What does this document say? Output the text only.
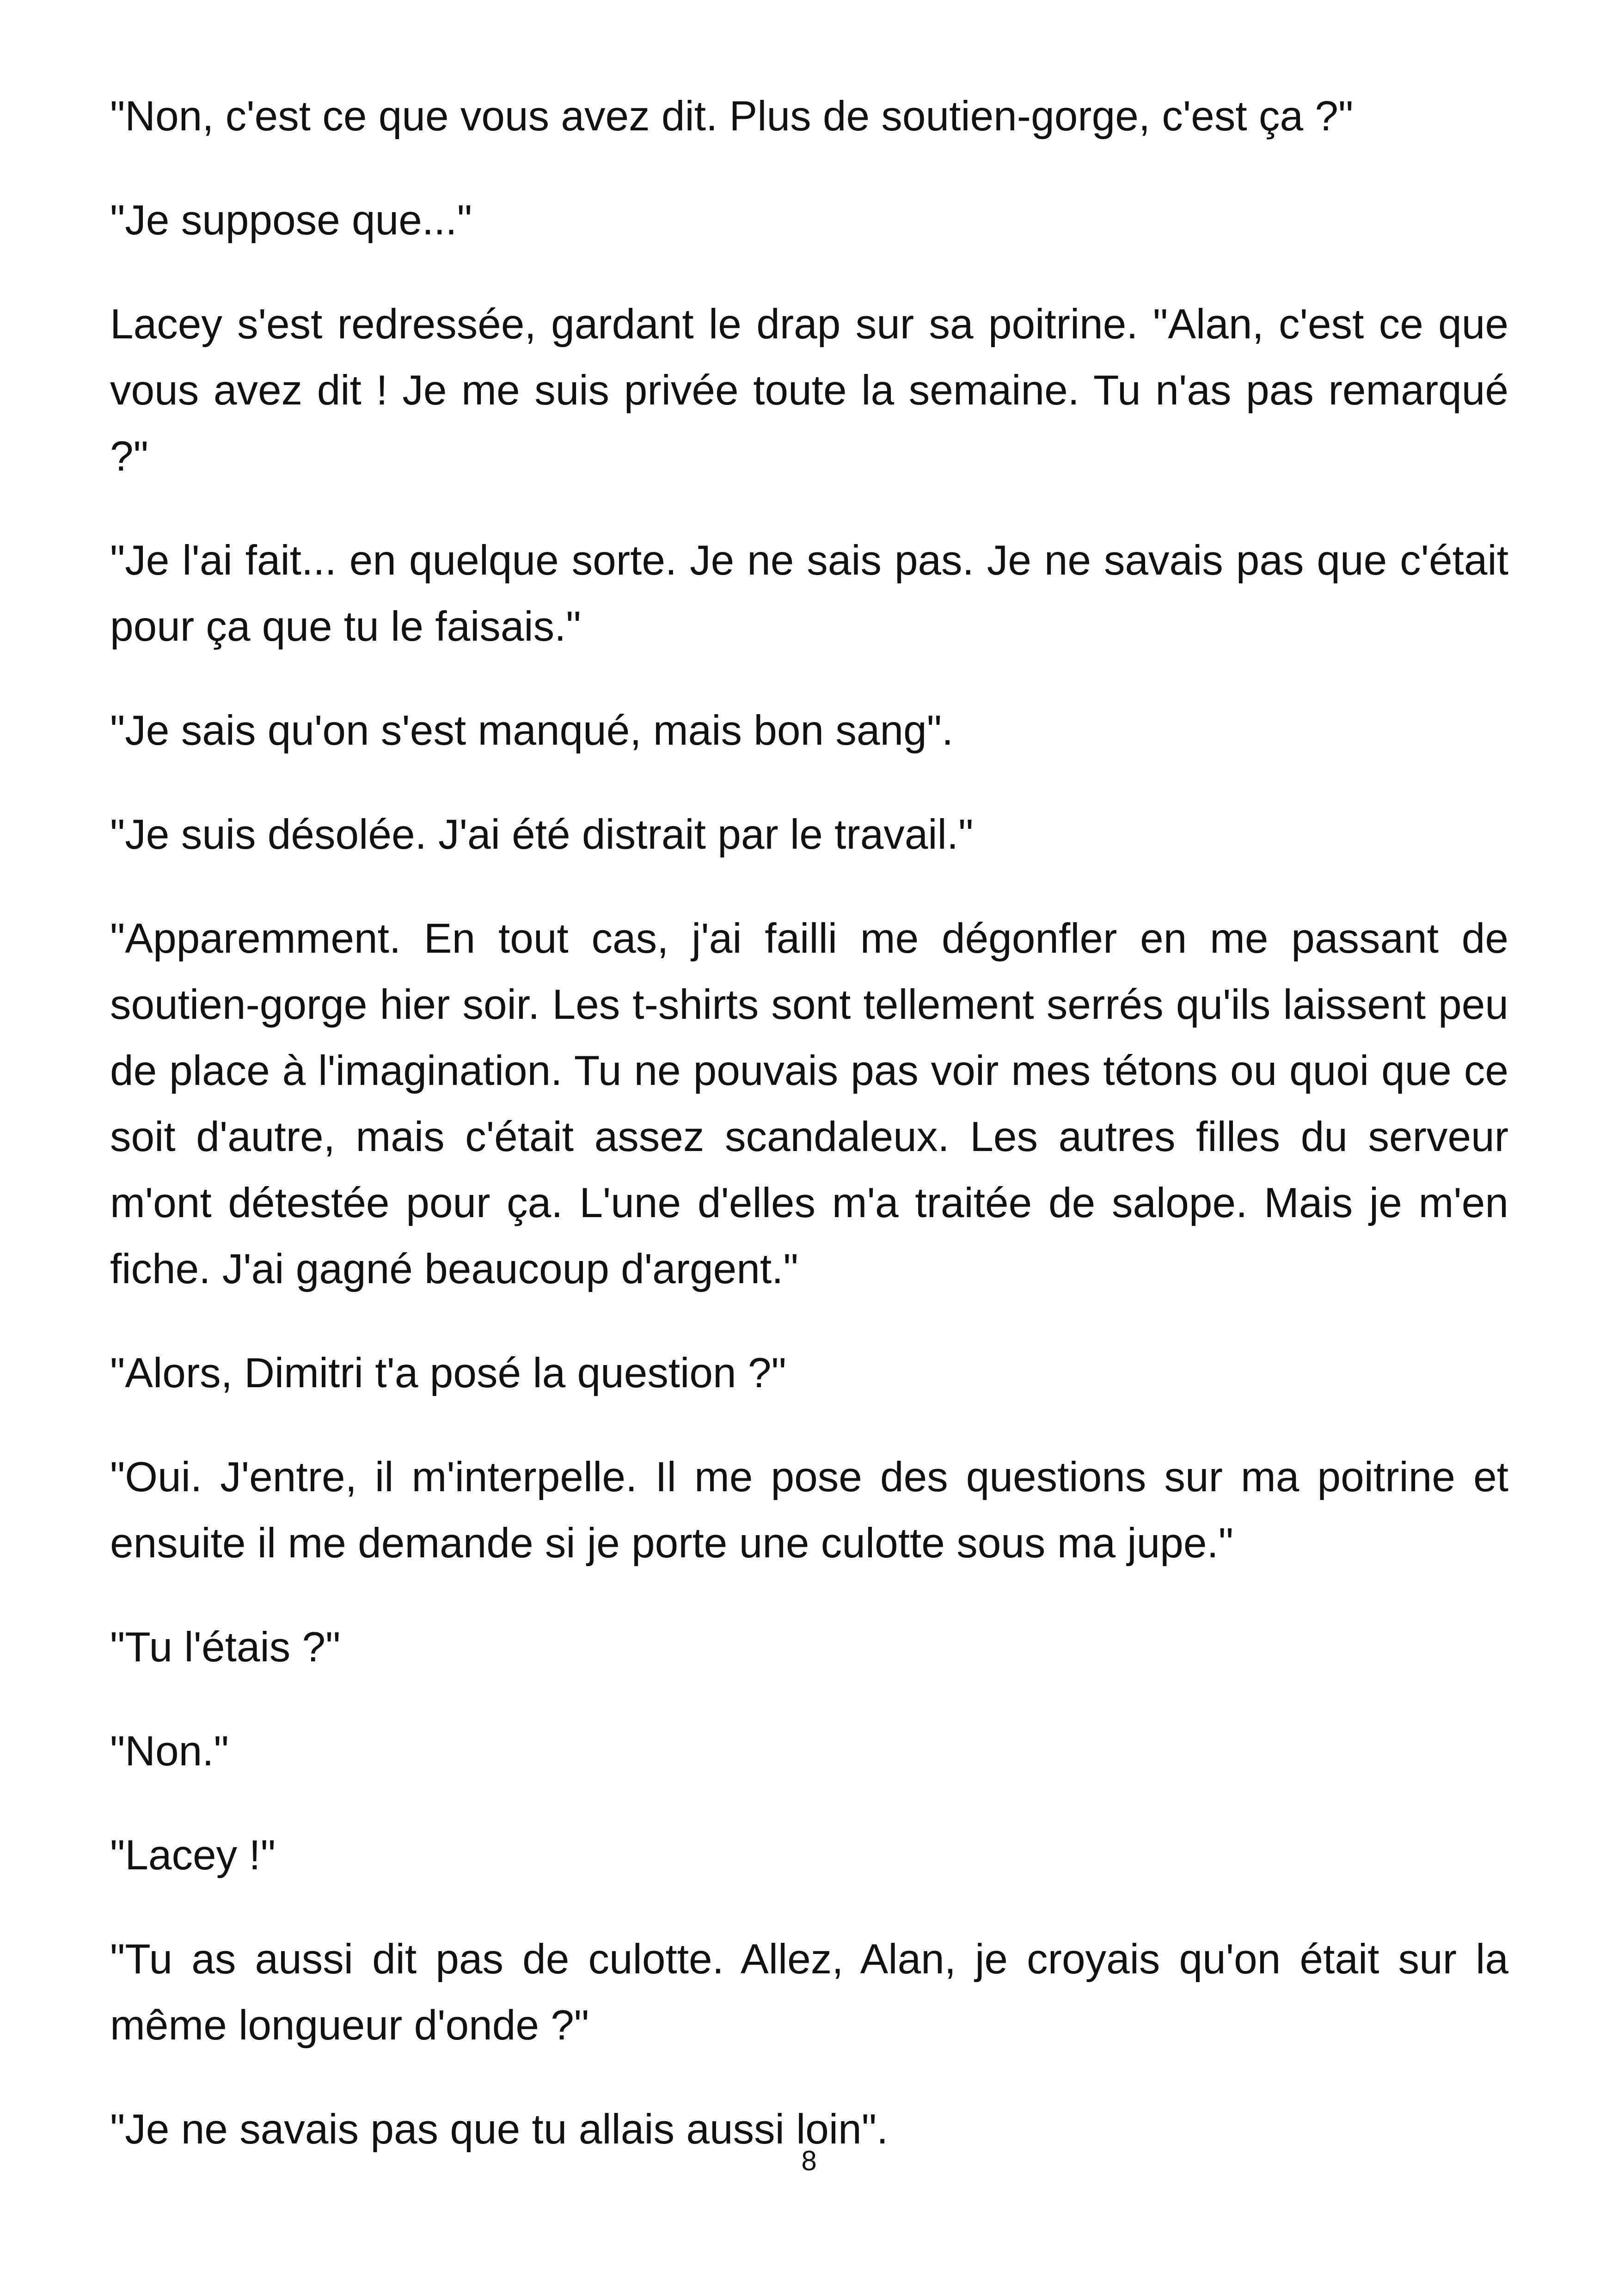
"Non, c'est ce que vous avez dit. Plus de soutien-gorge, c'est ça ?"

"Je suppose que..."

Lacey s'est redressée, gardant le drap sur sa poitrine. "Alan, c'est ce que vous avez dit ! Je me suis privée toute la semaine. Tu n'as pas remarqué ?"

"Je l'ai fait... en quelque sorte. Je ne sais pas. Je ne savais pas que c'était pour ça que tu le faisais."

"Je sais qu'on s'est manqué, mais bon sang".

"Je suis désolée. J'ai été distrait par le travail."

"Apparemment. En tout cas, j'ai failli me dégonfler en me passant de soutien-gorge hier soir. Les t-shirts sont tellement serrés qu'ils laissent peu de place à l'imagination. Tu ne pouvais pas voir mes tétons ou quoi que ce soit d'autre, mais c'était assez scandaleux. Les autres filles du serveur m'ont détestée pour ça. L'une d'elles m'a traitée de salope. Mais je m'en fiche. J'ai gagné beaucoup d'argent."

"Alors, Dimitri t'a posé la question ?"

"Oui. J'entre, il m'interpelle. Il me pose des questions sur ma poitrine et ensuite il me demande si je porte une culotte sous ma jupe."

"Tu l'étais ?"

"Non."

"Lacey !"

"Tu as aussi dit pas de culotte. Allez, Alan, je croyais qu'on était sur la même longueur d'onde ?"

"Je ne savais pas que tu allais aussi loin".

8
